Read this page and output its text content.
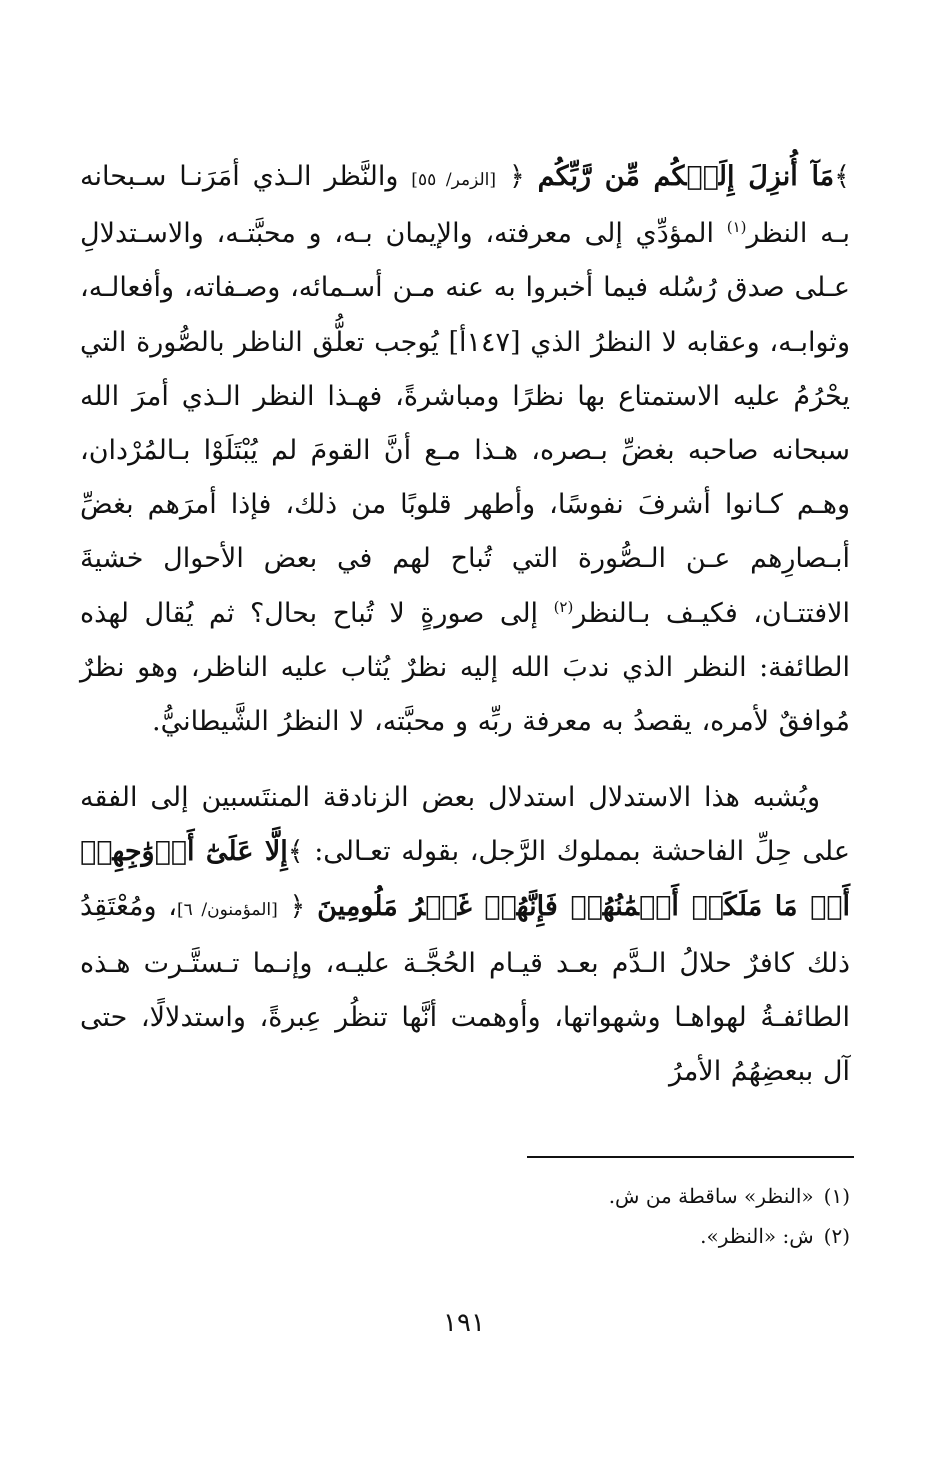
﴾مَآ أُنزِلَ إِلَيۡكُم مِّن رَّبِّكُم ﴿ [الزمر/ ٥٥] والنَّظر الـذي أمَرَنـا سـبحانه بـه النظر$^{(١)}$ المؤدِّي إلى معرفته، والإيمان بـه، و محبَّتـه، والاسـتدلالِ عـلى صدق رُسُله فيما أخبروا به عنه مـن أسـمائه، وصـفاته، وأفعالـه، وثوابـه، وعقابه لا النظرُ الذي [١٤٧أ] يُوجب تعلُّق الناظر بالصُّورة التي يحْرُمُ عليه الاستمتاع بها نظرًا ومباشرةً، فهـذا النظر الـذي أمرَ الله سبحانه صاحبه بغضِّ بـصره، هـذا مـع أنَّ القومَ لم يُبْتَلَوْا بـالمُرْدان، وهـم كـانوا أشرفَ نفوسًا، وأطهر قلوبًا من ذلك، فإذا أمرَهم بغضِّ أبـصارِهم عـن الـصُّورة التي تُباح لهم في بعض الأحوال خشيةَ الافتتـان، فكيـف بـالنظر$^{(٢)}$ إلى صورةٍ لا تُباح بحال؟ ثم يُقال لهذه الطائفة: النظر الذي ندبَ الله إليه نظرٌ يُثاب عليه الناظر، وهو نظرٌ مُوافقٌ لأمره، يقصدُ به معرفة ربِّه و محبَّته، لا النظرُ الشَّيطانيُّ.

ويُشبه هذا الاستدلال استدلال بعض الزنادقة المنتَسبين إلى الفقه على حِلِّ الفاحشة بمملوك الرَّجل، بقوله تعـالى: ﴾إِلَّا عَلَىٰٓ أَزۡوَٰجِهِمۡ أَوۡ مَا مَلَكَتۡ أَيۡمَٰنُهُمۡ فَإِنَّهُمۡ غَيۡرُ مَلُومِينَ ﴿ [المؤمنون/ ٦]، ومُعْتَقِدُ ذلك كافرٌ حلالُ الـدَّم بعـد قيـام الحُجَّـة عليـه، وإنـما تـستَّـرت هـذه الطائفـةُ لهواهـا وشهواتها، وأوهمت أنَّها تنظُر عِبرةً، واستدلالًا، حتى آل ببعضِهُمُ الأمرُ

(١)«النظر» ساقطة من ش.

(٢)ش: «النظر».

١٩١
